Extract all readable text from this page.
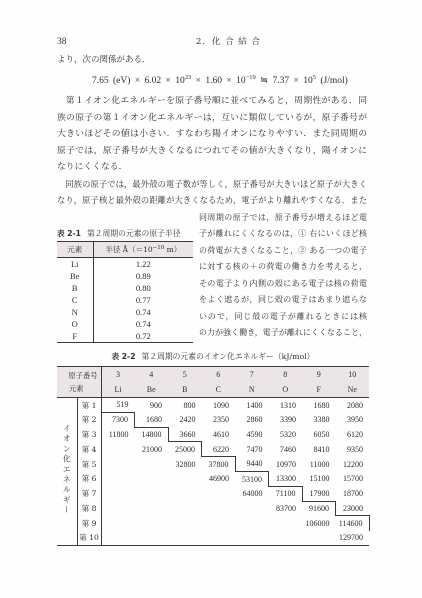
38	2．化 合 結 合
より，次の関係がある．
7.65 $(eV) \times 6.02 \times 10^{23} \times 1.60 \times 10^{-19}$ ≒ $7.37 \times 10^5$ (J/mol)
第１イオン化エネルギーを原子番号順に並べてみると，周期性がある．同
族の原子の第１イオン化エネルギーは，互いに類似しているが，原子番号が
大きいほどその値は小さい．すなわち陽イオンになりやすい．また同周期の
原子では，原子番号が大きくなるにつれてその値が大きくなり，陽イオンに
なりにくくなる．
同族の原子では，最外殻の電子数が等しく，原子番号が大きいほど原子が大きく
なり，原子核と最外殻の距離が大きくなるため，電子がより離れやすくなる．また
同周期の原子では，原子番号が増えるほど電
子が離れにくくなるのは，① 右にいくほど核
の荷電が大きくなること，② ある一つの電子
に対する核の＋の荷電の働き力を考えると，
その電子より内側の殻にある電子は核の荷電
をよく遮るが，同じ殻の電子はあまり遮らな
いので，同じ殻の電子が離れるときには核
の力が強く働き，電子が離れにくくなること，
表 2-1 第２周期の元素の原子半径
元素	半径 $Å(=10^{-10}$ m）
Li	1.22
Be	0.89
B	0.80
C	0.77
N	0.74
O	0.74
F	0.72
表 2-2 第２周期の元素のイオン化エネルギー（kJ/mol）
原子番号
元素		3	4	5	6	7	8	9	10
		Li	Be	B	C	N	O	F	Ne
イオン化エネルギー	第 1	519	900	800	1090	1400	1310	1680	2080
	第 2	7300	1680	2420	2350	2860	3390	3380	3950
	第 3	11800	14800	3660	4610	4590	5320	6050	6120
	第 4		21000	25000	6220	7470	7460	8410	9350
	第 5			32800	37800	9440	10970	11000	12200
	第 6				46900	53100	13300	15100	15700
	第 7					64000	71100	17900	18700
	第 8						83700	91600	23000
	第 9							106000	114600
	第 10								129700
